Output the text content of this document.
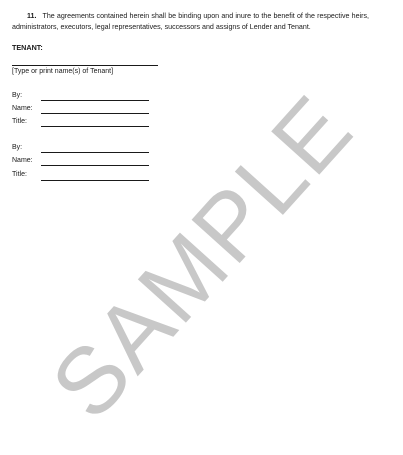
11. The agreements contained herein shall be binding upon and inure to the benefit of the respective heirs, administrators, executors, legal representatives, successors and assigns of Lender and Tenant.

TENANT:
[Type or print name(s) of Tenant]
By:
Name:
Title:
By:
Name:
Title: SAMPLE
